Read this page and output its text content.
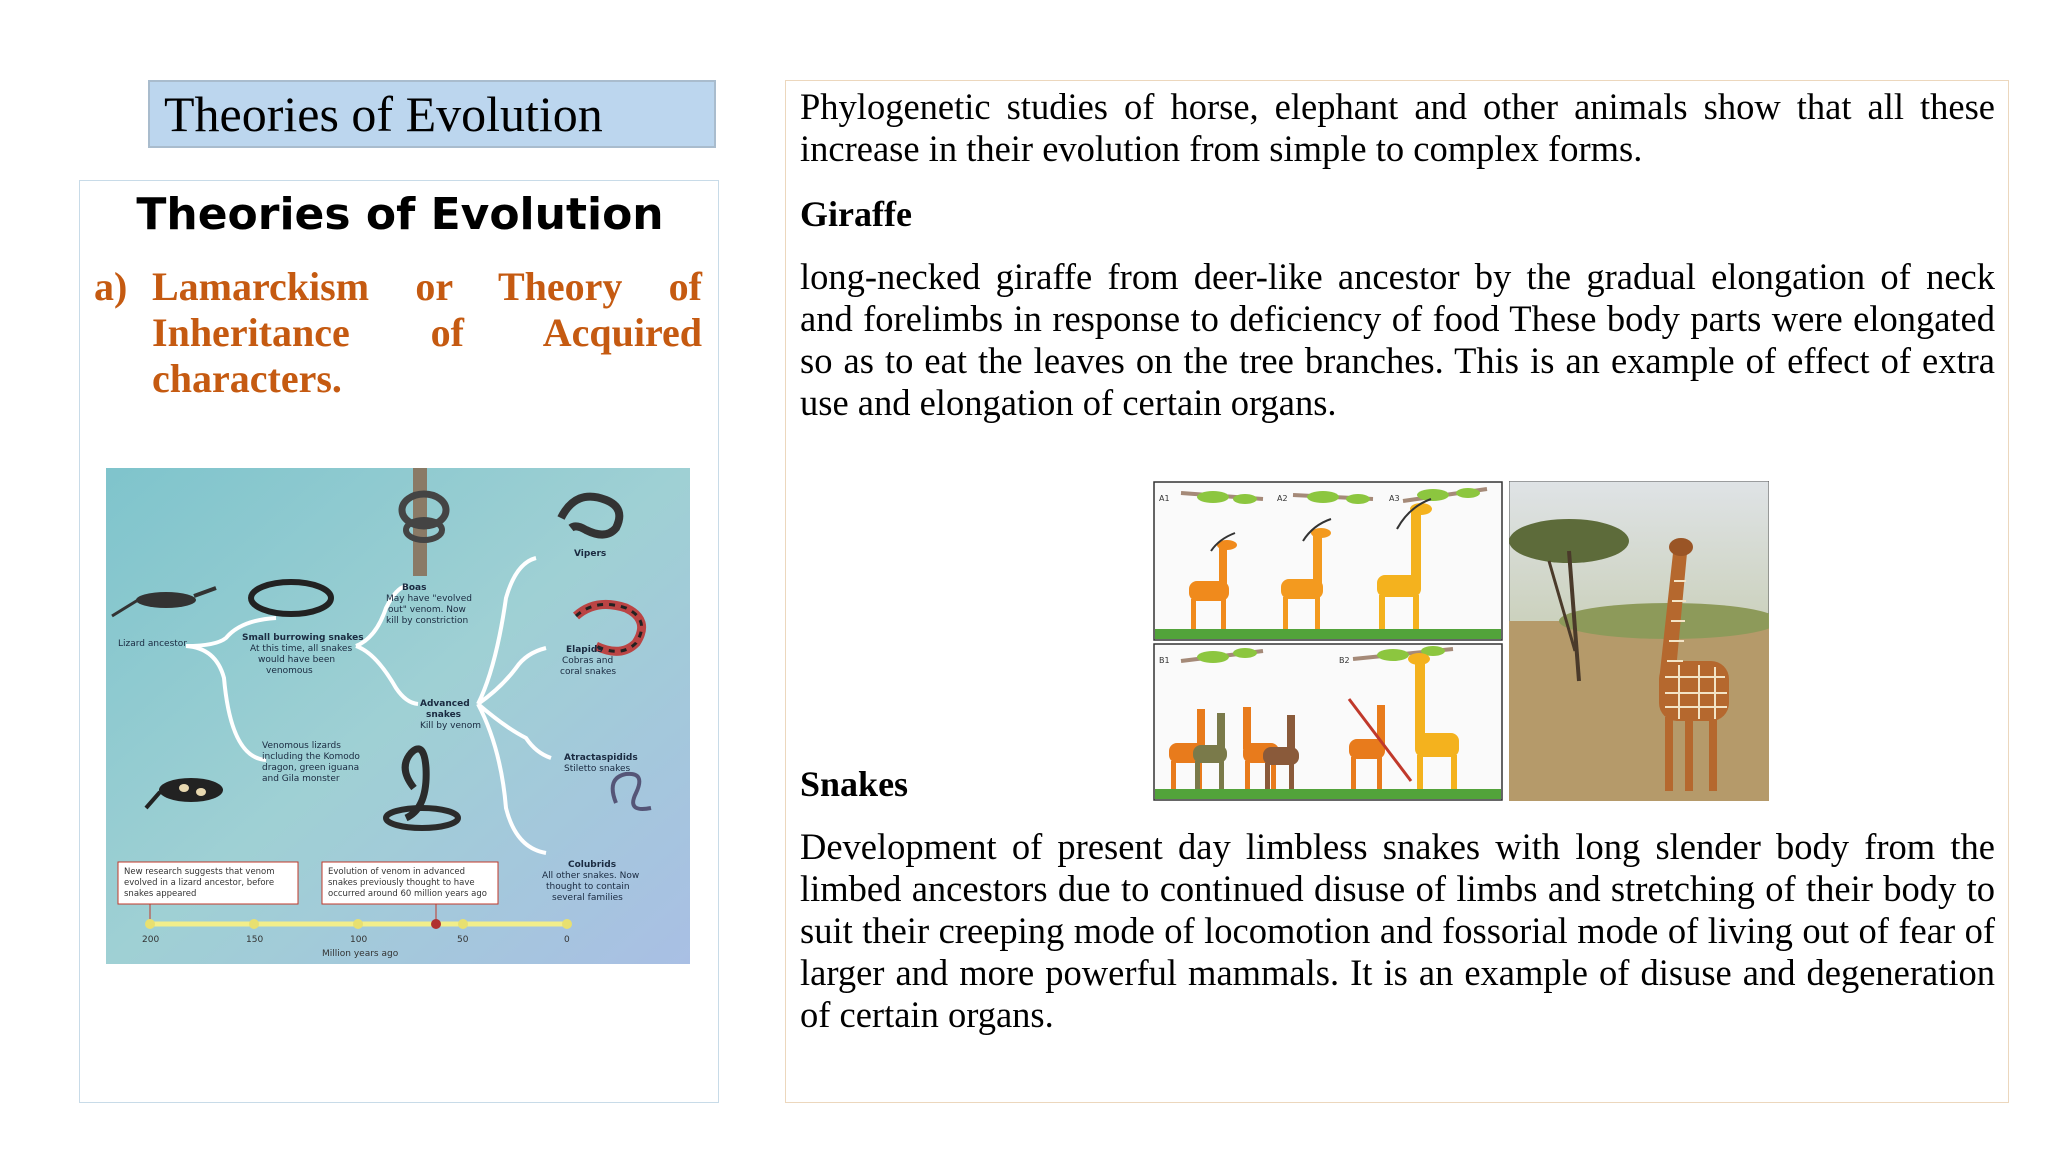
Theories of Evolution
Theories of Evolution
a) Lamarckism or Theory of Inheritance of Acquired characters.
Lizard ancestor
Small burrowing snakes
At this time, all snakes
would have been
venomous
Boas
May have "evolved
out" venom. Now
kill by constriction
Advanced
snakes
Kill by venom
Vipers
Elapids
Cobras and
coral snakes
Atractaspidids
Stiletto snakes
Colubrids
All other snakes. Now
thought to contain
several families
Venomous lizards
including the Komodo
dragon, green iguana
and Gila monster
New research suggests that venom
evolved in a lizard ancestor, before
snakes appeared
Evolution of venom in advanced
snakes previously thought to have
occurred around 60 million years ago
200	150	100	50	0
Million years ago
Phylogenetic studies of horse, elephant and other animals show that all these increase in their evolution from simple to complex forms.
Giraffe
long-necked giraffe from deer-like ancestor by the gradual elongation of neck and forelimbs in response to deficiency of food These body parts were elongated so as to eat the leaves on the tree branches. This is an example of effect of extra use and elongation of certain organs.
A1	A2	A3
B1	B2
Snakes
Development of present day limbless snakes with long slender body from the limbed ancestors due to continued disuse of limbs and stretching of their body to suit their creeping mode of locomotion and fossorial mode of living out of fear of larger and more powerful mammals. It is an example of disuse and degeneration of certain organs.
